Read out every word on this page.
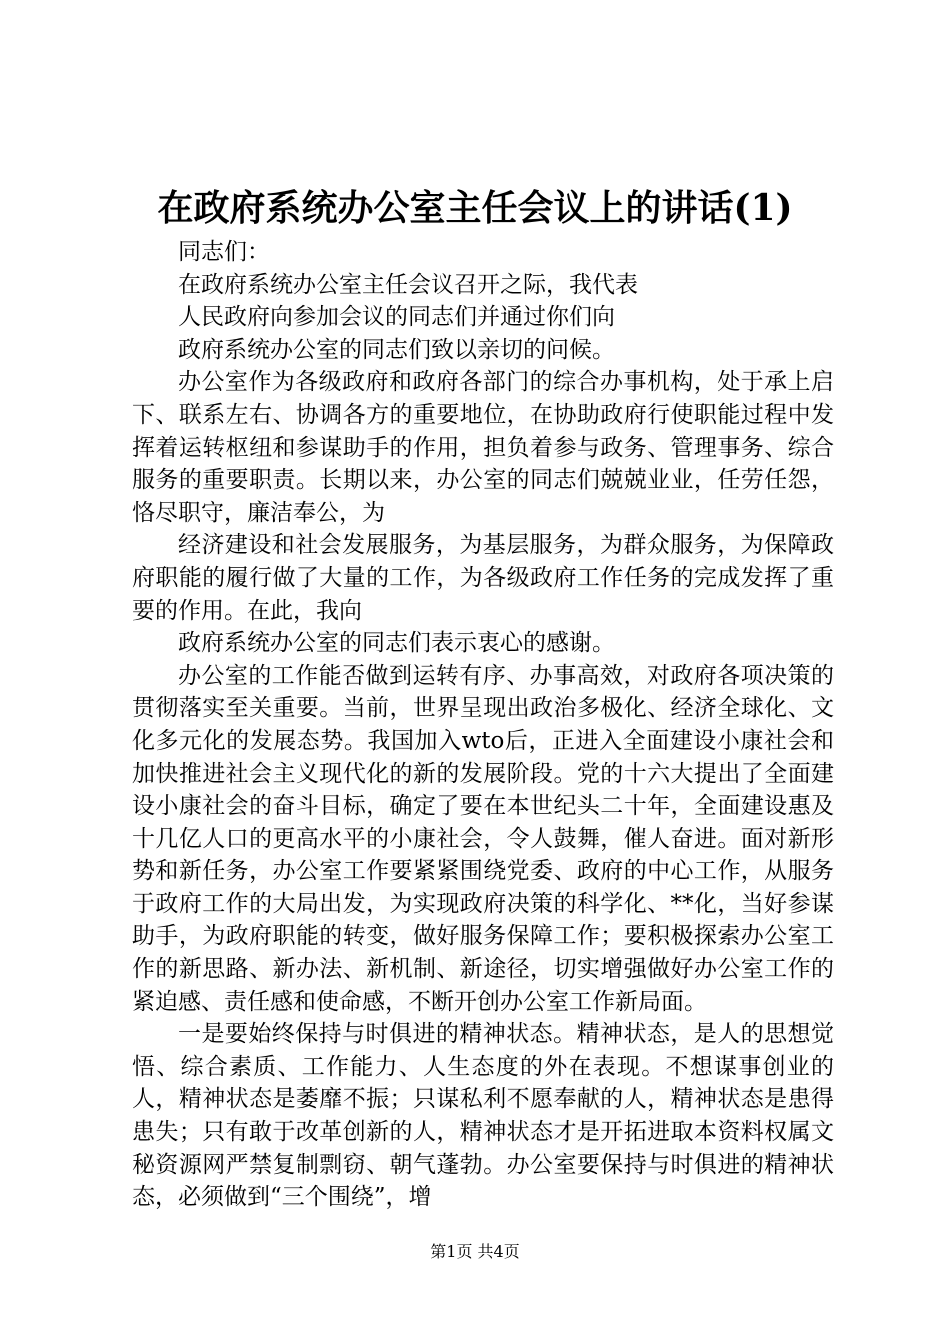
在政府系统办公室主任会议上的讲话(1)

同志们：

在政府系统办公室主任会议召开之际，我代表

人民政府向参加会议的同志们并通过你们向

政府系统办公室的同志们致以亲切的问候。

办公室作为各级政府和政府各部门的综合办事机构，处于承上启下、联系左右、协调各方的重要地位，在协助政府行使职能过程中发挥着运转枢纽和参谋助手的作用，担负着参与政务、管理事务、综合服务的重要职责。长期以来，办公室的同志们兢兢业业，任劳任怨，恪尽职守，廉洁奉公，为

经济建设和社会发展服务，为基层服务，为群众服务，为保障政府职能的履行做了大量的工作，为各级政府工作任务的完成发挥了重要的作用。在此，我向

政府系统办公室的同志们表示衷心的感谢。

办公室的工作能否做到运转有序、办事高效，对政府各项决策的贯彻落实至关重要。当前，世界呈现出政治多极化、经济全球化、文化多元化的发展态势。我国加入wto后，正进入全面建设小康社会和加快推进社会主义现代化的新的发展阶段。党的十六大提出了全面建设小康社会的奋斗目标，确定了要在本世纪头二十年，全面建设惠及十几亿人口的更高水平的小康社会，令人鼓舞，催人奋进。面对新形势和新任务，办公室工作要紧紧围绕党委、政府的中心工作，从服务于政府工作的大局出发，为实现政府决策的科学化、**化，当好参谋助手，为政府职能的转变，做好服务保障工作；要积极探索办公室工作的新思路、新办法、新机制、新途径，切实增强做好办公室工作的紧迫感、责任感和使命感，不断开创办公室工作新局面。

一是要始终保持与时俱进的精神状态。精神状态，是人的思想觉悟、综合素质、工作能力、人生态度的外在表现。不想谋事创业的人，精神状态是萎靡不振；只谋私利不愿奉献的人，精神状态是患得患失；只有敢于改革创新的人，精神状态才是开拓进取本资料权属文秘资源网严禁复制剽窃、朝气蓬勃。办公室要保持与时俱进的精神状态，必须做到“三个围绕”，增

第1页 共4页
